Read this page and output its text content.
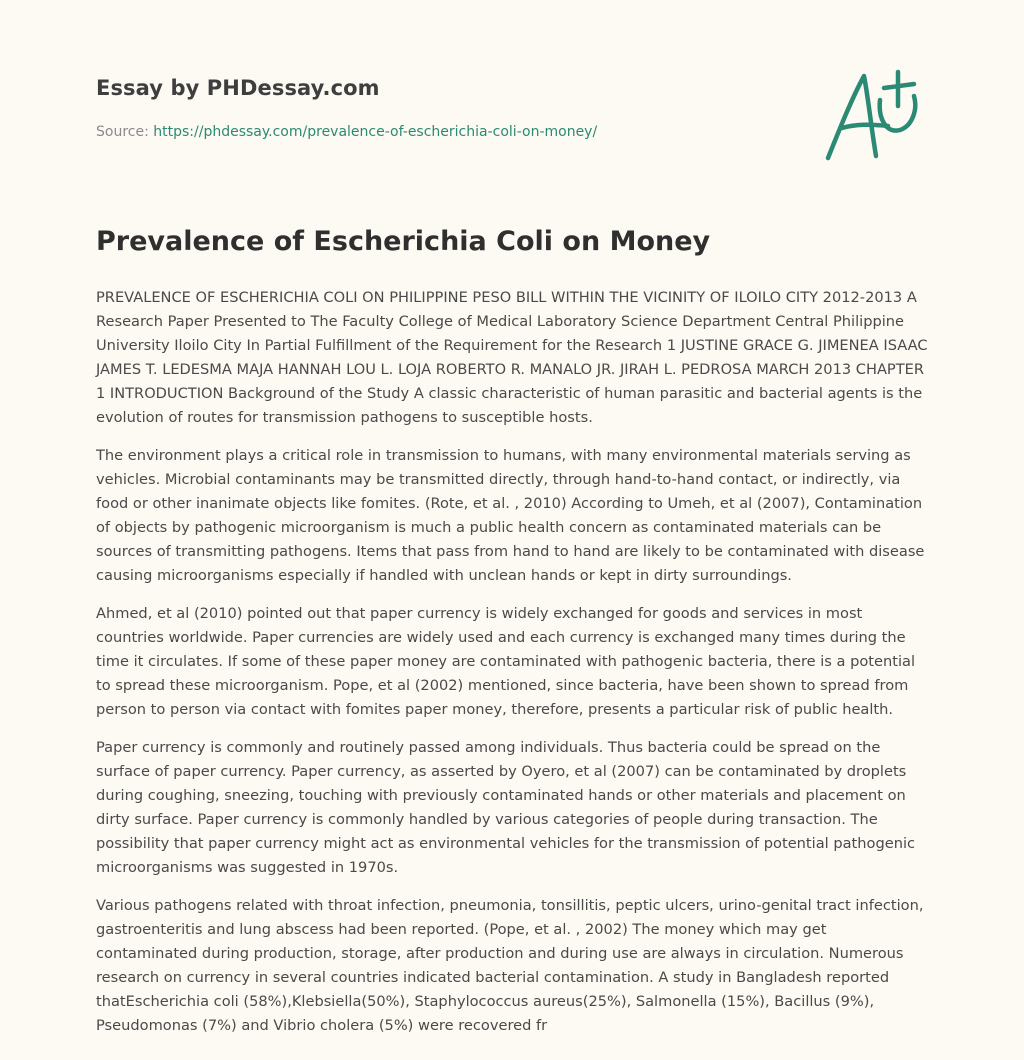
Essay by PHDessay.com
Source: https://phdessay.com/prevalence-of-escherichia-coli-on-money/
Prevalence of Escherichia Coli on Money

PREVALENCE OF ESCHERICHIA COLI ON PHILIPPINE PESO BILL WITHIN THE VICINITY OF ILOILO CITY 2012-2013 A Research Paper Presented to The Faculty College of Medical Laboratory Science Department Central Philippine University Iloilo City In Partial Fulfillment of the Requirement for the Research 1 JUSTINE GRACE G. JIMENEA ISAAC JAMES T. LEDESMA MAJA HANNAH LOU L. LOJA ROBERTO R. MANALO JR. JIRAH L. PEDROSA MARCH 2013 CHAPTER 1 INTRODUCTION Background of the Study A classic characteristic of human parasitic and bacterial agents is the evolution of routes for transmission pathogens to susceptible hosts.

The environment plays a critical role in transmission to humans, with many environmental materials serving as vehicles. Microbial contaminants may be transmitted directly, through hand-to-hand contact, or indirectly, via food or other inanimate objects like fomites. (Rote, et al. , 2010) According to Umeh, et al (2007), Contamination of objects by pathogenic microorganism is much a public health concern as contaminated materials can be sources of transmitting pathogens. Items that pass from hand to hand are likely to be contaminated with disease causing microorganisms especially if handled with unclean hands or kept in dirty surroundings.

Ahmed, et al (2010) pointed out that paper currency is widely exchanged for goods and services in most countries worldwide. Paper currencies are widely used and each currency is exchanged many times during the time it circulates. If some of these paper money are contaminated with pathogenic bacteria, there is a potential to spread these microorganism. Pope, et al (2002) mentioned, since bacteria, have been shown to spread from person to person via contact with fomites paper money, therefore, presents a particular risk of public health.

Paper currency is commonly and routinely passed among individuals. Thus bacteria could be spread on the surface of paper currency. Paper currency, as asserted by Oyero, et al (2007) can be contaminated by droplets during coughing, sneezing, touching with previously contaminated hands or other materials and placement on dirty surface. Paper currency is commonly handled by various categories of people during transaction. The possibility that paper currency might act as environmental vehicles for the transmission of potential pathogenic microorganisms was suggested in 1970s.

Various pathogens related with throat infection, pneumonia, tonsillitis, peptic ulcers, urino-genital tract infection, gastroenteritis and lung abscess had been reported. (Pope, et al. , 2002) The money which may get contaminated during production, storage, after production and during use are always in circulation. Numerous research on currency in several countries indicated bacterial contamination. A study in Bangladesh reported thatEscherichia coli (58%),Klebsiella(50%), Staphylococcus aureus(25%), Salmonella (15%), Bacillus (9%), Pseudomonas (7%) and Vibrio cholera (5%) were recovered fr
